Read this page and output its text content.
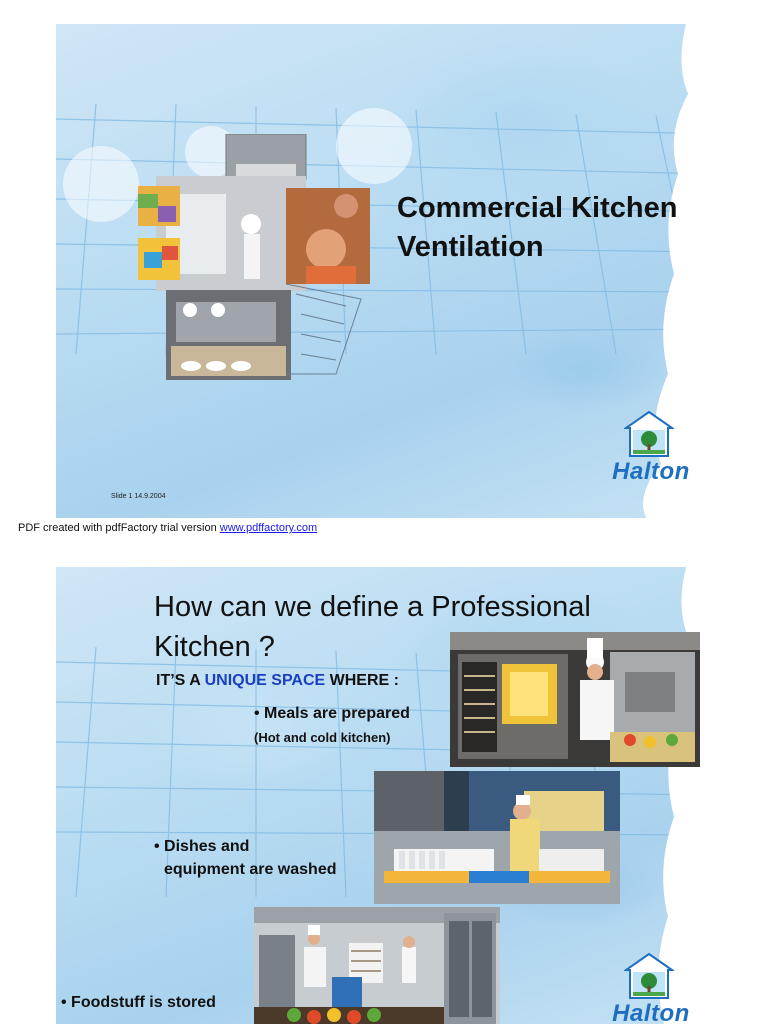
Commercial Kitchen
Ventilation
Halton
Slide 1 14.9.2004
PDF created with pdfFactory trial version www.pdffactory.com
How can we define a Professional
Kitchen ?
IT’S A UNIQUE SPACE WHERE :
• Meals are prepared
(Hot and cold kitchen)
• Dishes and
equipment are washed
• Foodstuff is stored	Halton
